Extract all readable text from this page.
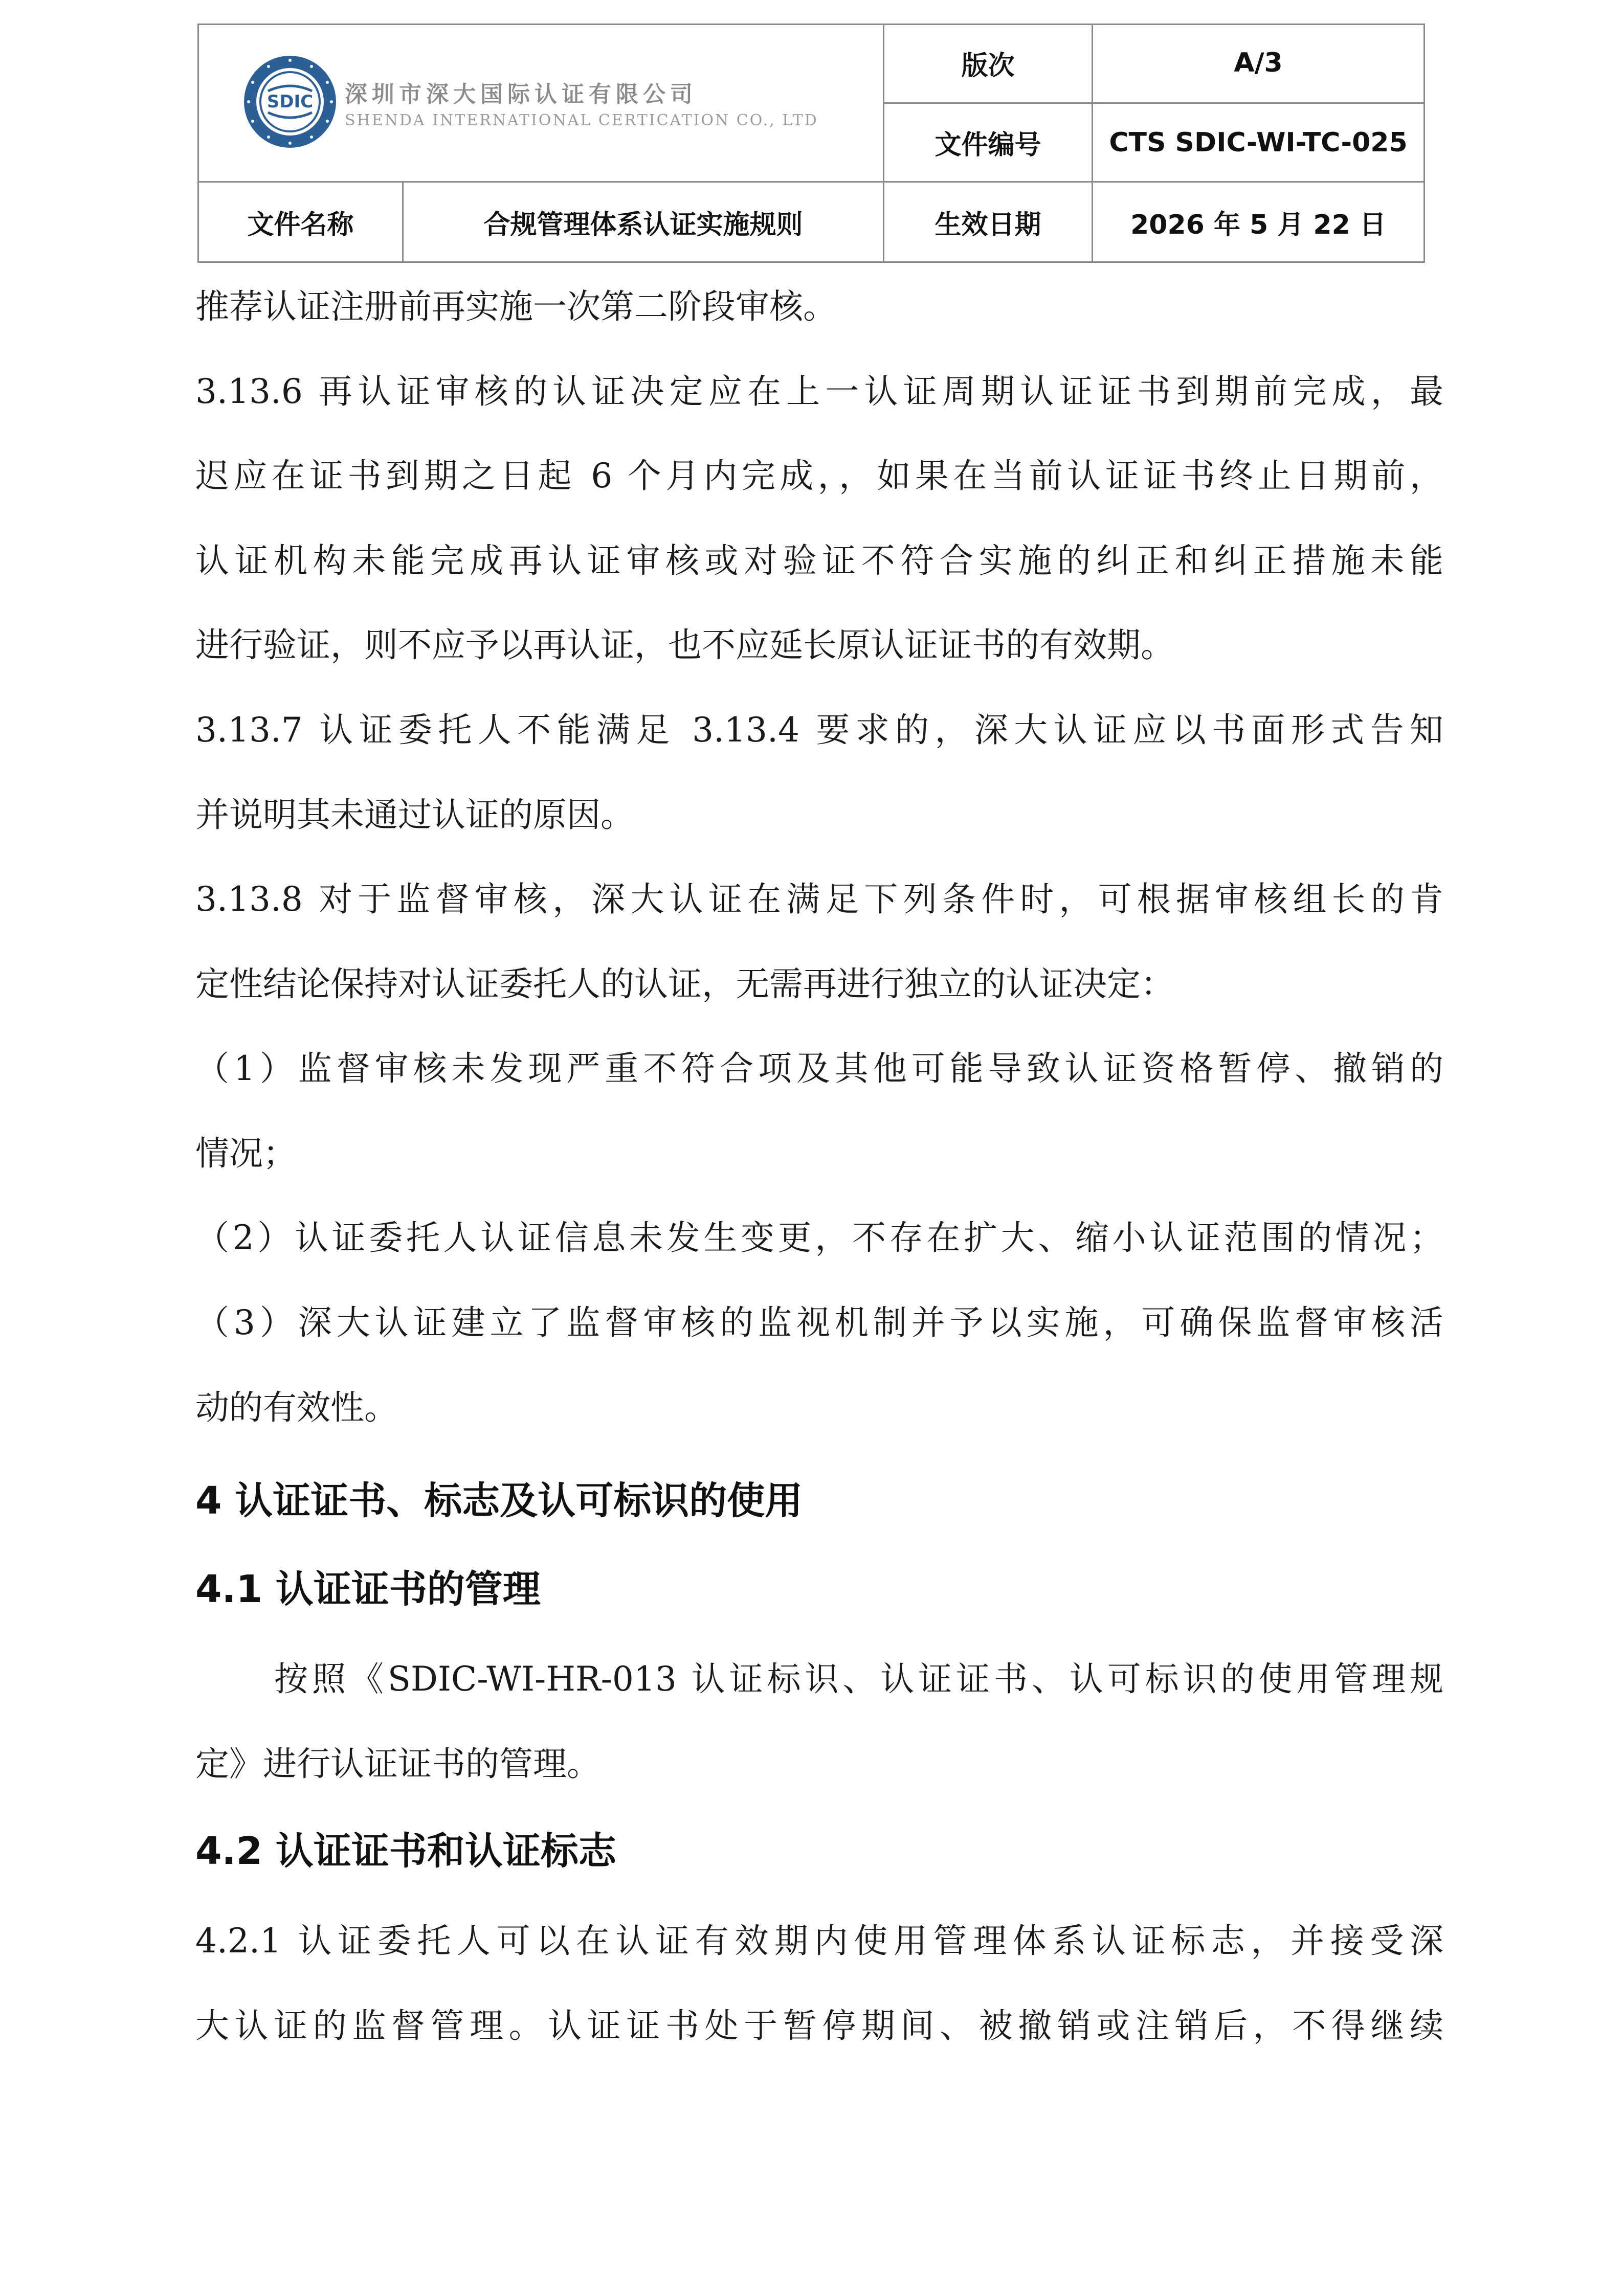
SDIC 深圳市深大国际认证有限公司
SHENDA INTERNATIONAL CERTICATION CO., LTD
版次	A/3
文件编号	CTS SDIC-WI-TC-025
文件名称	合规管理体系认证实施规则	生效日期	2026 年 5 月 22 日
推荐认证注册前再实施一次第二阶段审核。
3.13.6 再认证审核的认证决定应在上一认证周期认证证书到期前完成，最
迟应在证书到期之日起 6 个月内完成，，如果在当前认证证书终止日期前，
认证机构未能完成再认证审核或对验证不符合实施的纠正和纠正措施未能
进行验证，则不应予以再认证，也不应延长原认证证书的有效期。
3.13.7 认证委托人不能满足 3.13.4 要求的，深大认证应以书面形式告知
并说明其未通过认证的原因。
3.13.8 对于监督审核，深大认证在满足下列条件时，可根据审核组长的肯
定性结论保持对认证委托人的认证，无需再进行独立的认证决定：
（1）监督审核未发现严重不符合项及其他可能导致认证资格暂停、撤销的
情况；
（2）认证委托人认证信息未发生变更，不存在扩大、缩小认证范围的情况；
（3）深大认证建立了监督审核的监视机制并予以实施，可确保监督审核活
动的有效性。
4 认证证书、标志及认可标识的使用
4.1 认证证书的管理
按照《SDIC-WI-HR-013 认证标识、认证证书、认可标识的使用管理规
定》进行认证证书的管理。
4.2 认证证书和认证标志
4.2.1 认证委托人可以在认证有效期内使用管理体系认证标志，并接受深
大认证的监督管理。认证证书处于暂停期间、被撤销或注销后，不得继续
